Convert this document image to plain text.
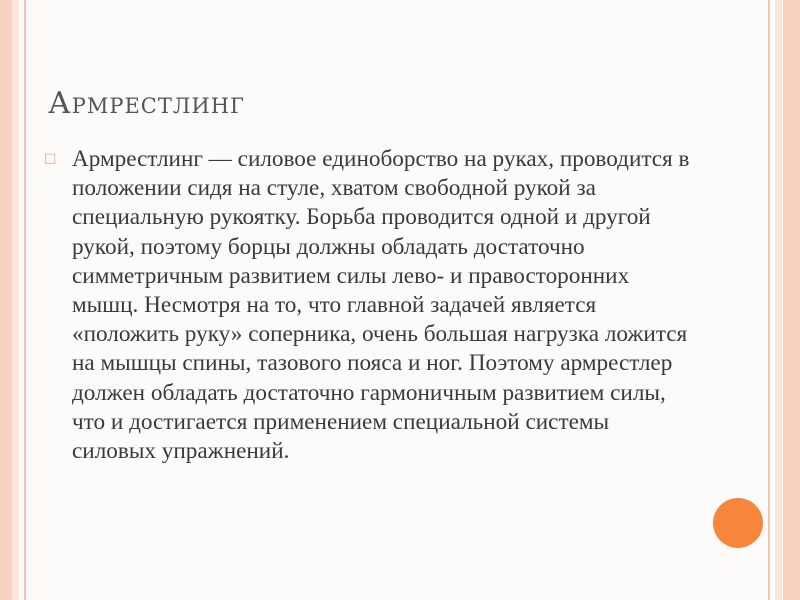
Армрестлинг
□ Армрестлинг — силовое единоборство на руках, проводится в положении сидя на стуле, хватом свободной рукой за специальную рукоятку. Борьба проводится одной и другой рукой, поэтому борцы должны обладать достаточно симметричным развитием силы лево- и правосторонних мышц. Несмотря на то, что главной задачей является «положить руку» соперника, очень большая нагрузка ложится на мышцы спины, тазового пояса и ног. Поэтому армрестлер должен обладать достаточно гармоничным развитием силы, что и достигается применением специальной системы силовых упражнений.
